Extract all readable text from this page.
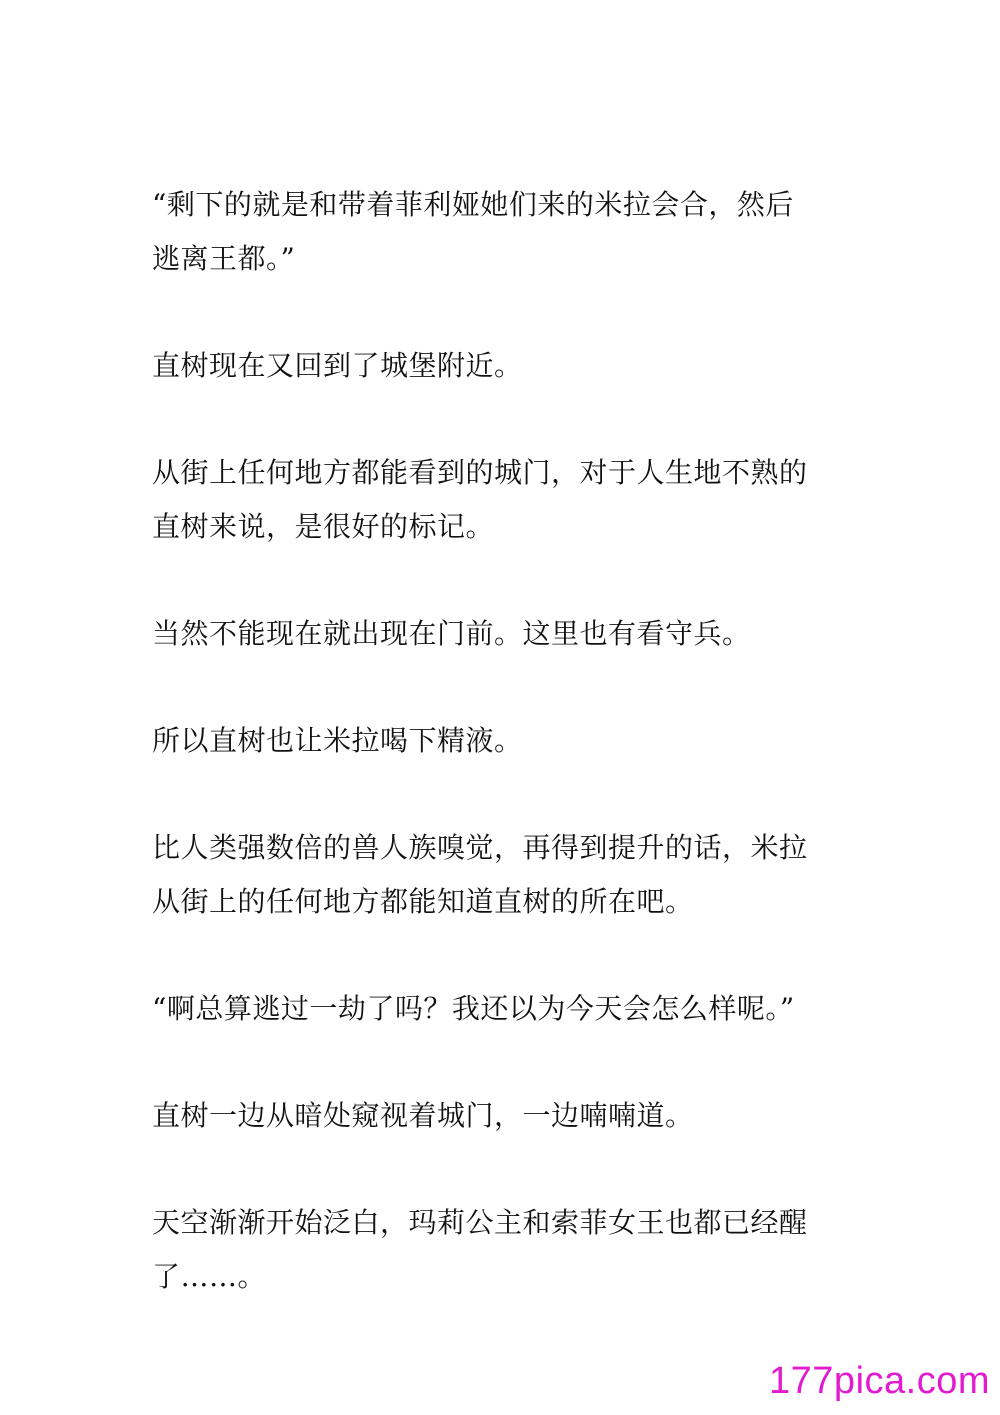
“剩下的就是和带着菲利娅她们来的米拉会合，然后
逃离王都。”

直树现在又回到了城堡附近。

从街上任何地方都能看到的城门，对于人生地不熟的
直树来说，是很好的标记。

当然不能现在就出现在门前。这里也有看守兵。

所以直树也让米拉喝下精液。

比人类强数倍的兽人族嗅觉，再得到提升的话，米拉
从街上的任何地方都能知道直树的所在吧。

“啊总算逃过一劫了吗？我还以为今天会怎么样呢。”

直树一边从暗处窥视着城门，一边喃喃道。

天空渐渐开始泛白，玛莉公主和索菲女王也都已经醒
了……。

177pica.com
